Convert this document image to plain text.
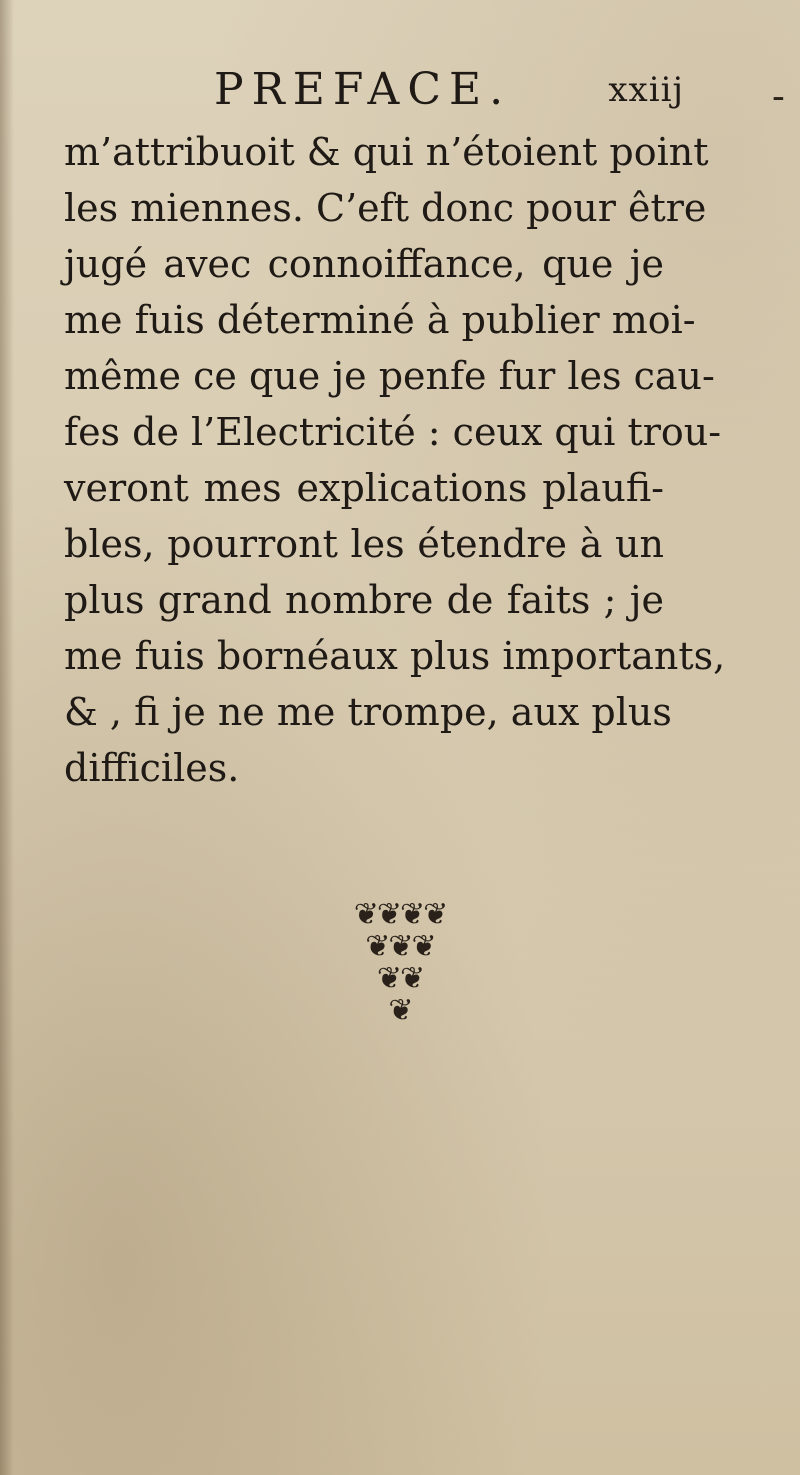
PREFACE.	xxiij -
m’attribuoit & qui n’étoient point
les miennes. C’eft donc pour être
jugé avec connoiffance, que je
me fuis déterminé à publier moi-
même ce que je penfe fur les cau-
fes de l’Electricité : ceux qui trou-
veront mes explications plaufi-
bles, pourront les étendre à un
plus grand nombre de faits ; je
me fuis bornéaux plus importants,
& , fi je ne me trompe, aux plus
difficiles.
❦❦❦❦
❦❦❦
❦❦
❦
